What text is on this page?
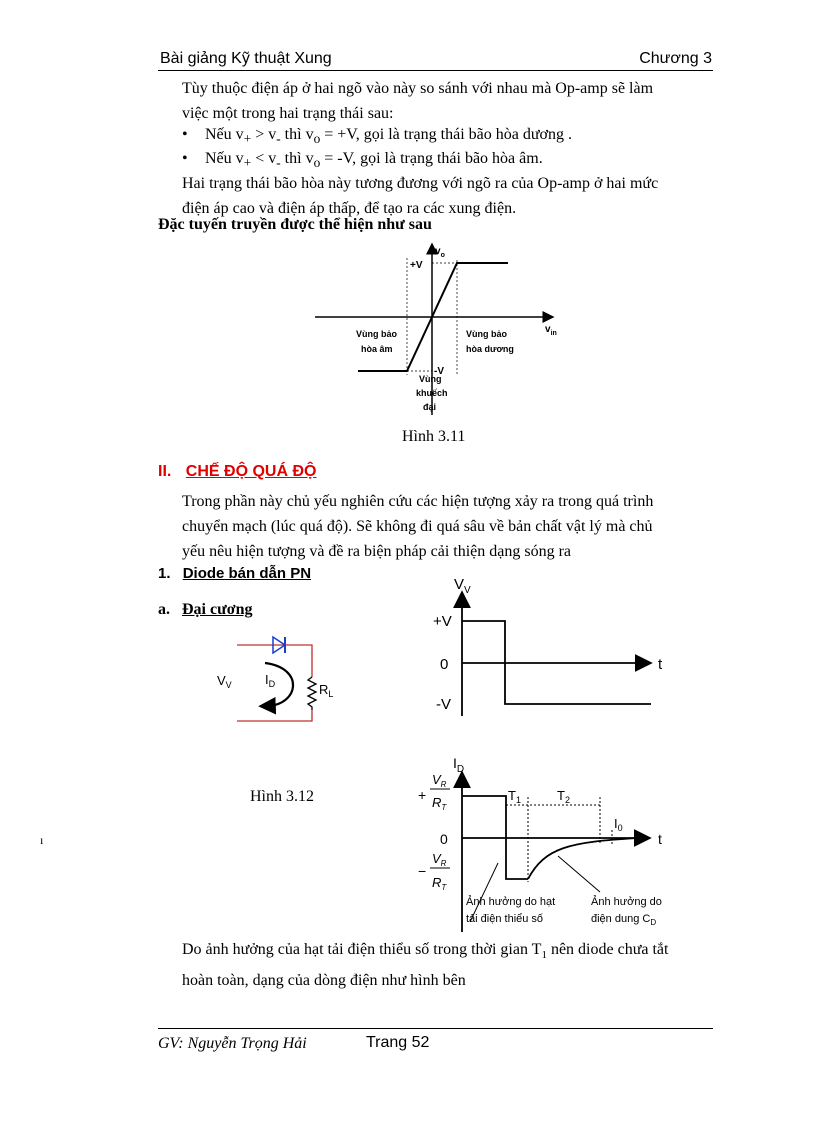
Bài giảng Kỹ thuật Xung	Chương 3
Tùy thuộc điện áp ở hai ngõ vào này so sánh với nhau mà Op-amp sẽ làm
việc một trong hai trạng thái sau:
• Nếu $v_+ > v_-$ thì $v_o = +V$, gọi là trạng thái bão hòa dương .
• Nếu $v_+ < v_-$ thì $v_o = -V$, gọi là trạng thái bão hòa âm.
Hai trạng thái bão hòa này tương đương với ngõ ra của Op-amp ở hai mức
điện áp cao và điện áp thấp, để tạo ra các xung điện.
Đặc tuyến truyền được thể hiện như sau
$v_o$
$v_{in}$
+V
-V
Vùng bảo
hòa âm
Vùng bảo
hòa dương
Vùng
khuếch
đại
Hình 3.11
II. CHẾ ĐỘ QUÁ ĐỘ
Trong phần này chủ yếu nghiên cứu các hiện tượng xảy ra trong quá trình
chuyển mạch (lúc quá độ). Sẽ không đi quá sâu về bản chất vật lý mà chủ
yếu nêu hiện tượng và đề ra biện pháp cải thiện dạng sóng ra
1. Diode bán dẫn PN
a. Đại cương
$V_V$	$I_D$	$R_L$
$V_V$
+V
0
-V
t
$I_D$
+
$V_R$
$R_T$
−
$V_R$
$R_T$
0	t
$T_1$	$T_2$
$I_0$
Ảnh hưởng do hạt
tải điện thiểu số
Ảnh hưởng do
điện dung $C_D$
Hình 3.12
ı
Do ảnh hưởng của hạt tải điện thiểu số trong thời gian $T_1$ nên diode chưa tắt
hoàn toàn, dạng của dòng điện như hình bên
GV: Nguyễn Trọng Hải	Trang 52
